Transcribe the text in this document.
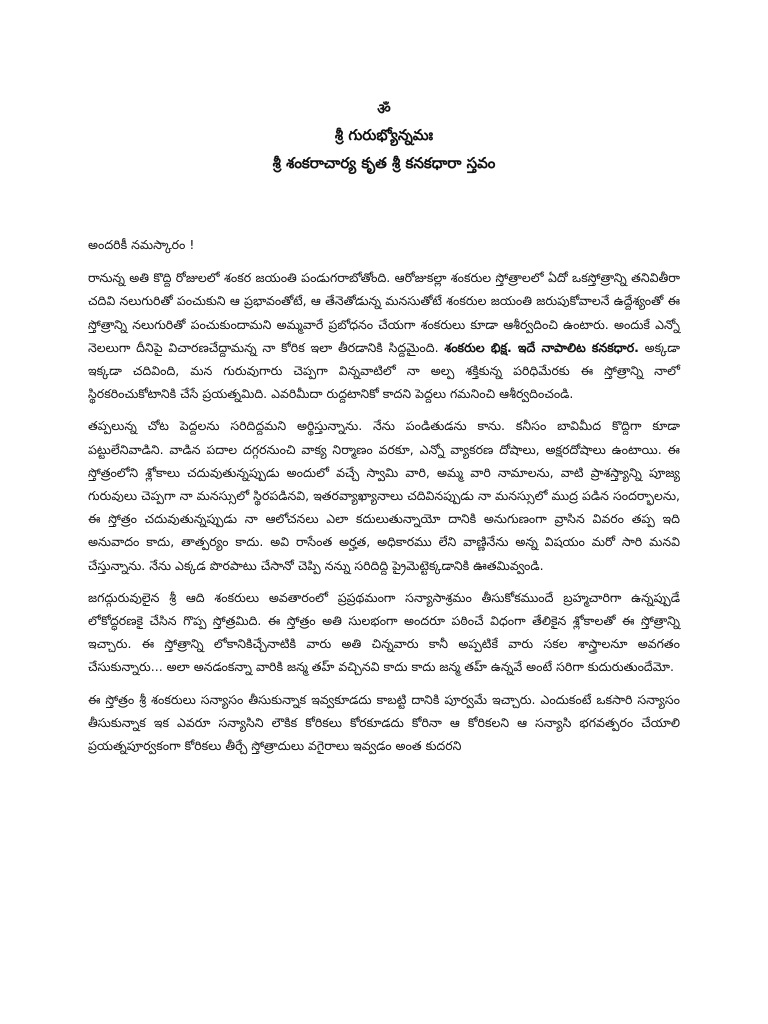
ॐ
శ్రీ గురుభ్యోన్నమః
శ్రీ శంకరాచార్య కృత శ్రీ కనకధారా స్తవం

అందరికీ నమస్కారం !

రానున్న అతి కొద్ది రోజులలో శంకర జయంతి పండుగరాబోతోంది. ఆరోజుకల్లా శంకరుల స్తోత్రాలలో ఏదో ఒకస్తోత్రాన్ని తనివితీరా చదివి నలుగురితో పంచుకుని ఆ ప్రభావంతోటే, ఆ తేనెతోడున్న మనసుతోటే శంకరుల జయంతి జరుపుకోవాలనే ఉద్దేశ్యంతో ఈ స్తోత్రాన్ని నలుగురితో పంచుకుందామని అమ్మవారే ప్రబోధనం చేయగా శంకరులు కూడా ఆశీర్వదించి ఉంటారు. అందుకే ఎన్నో నెలలుగా దీనిపై విచారణచేద్దామన్న నా కోరిక ఇలా తీరడానికి సిద్దమైంది. శంకరుల భిక్ష. ఇదే నాపాలిట కనకధార. అక్కడా ఇక్కడా చదివింది, మన గురువుగారు చెప్పగా విన్నవాటిలో నా అల్ప శక్తికున్న పరిధిమేరకు ఈ స్తోత్రాన్ని నాలో స్థిరకరించుకోటానికి చేసే ప్రయత్నమిది. ఎవరిమీదా రుద్దటానికో కాదని పెద్దలు గమనించి ఆశీర్వదించండి.

తప్పలున్న చోట పెద్దలను సరిదిద్దమని అర్థిస్తున్నాను. నేను పండితుడను కాను. కనీసం బావిమీద కొద్దిగా కూడా పట్టులేనివాడిని. వాడిన పదాల దగ్గరనుంచి వాక్య నిర్మాణం వరకూ, ఎన్నో వ్యాకరణ దోషాలు, అక్షరదోషాలు ఉంటాయి. ఈ స్తోత్రంలోని శ్లోకాలు చదువుతున్నప్పుడు అందులో వచ్చే స్వామి వారి, అమ్మ వారి నామాలను, వాటి ప్రాశస్త్యాన్ని పూజ్య గురువులు చెప్పగా నా మనస్సులో స్థిరపడినవి, ఇతరవ్యాఖ్యానాలు చదివినప్పుడు నా మనస్సులో ముద్ర పడిన సందర్భాలను, ఈ స్తోత్రం చదువుతున్నప్పుడు నా ఆలోచనలు ఎలా కదులుతున్నాయో దానికి అనుగుణంగా వ్రాసిన వివరం తప్ప ఇది అనువాదం కాదు, తాత్పర్యం కాదు. అవి రాసేంత అర్హత, అధికారము లేని వాణ్ణినేను అన్న విషయం మరో సారి మనవి చేస్తున్నాను. నేను ఎక్కడ పొరపాటు చేసానో చెప్పి నన్ను సరిదిద్ది ప్రైమెట్టెక్కడానికి ఊతమివ్వండి.

జగద్గురువులైన శ్రీ ఆది శంకరులు అవతారంలో ప్రప్రథమంగా సన్యాసాశ్రమం తీసుకోకముందే బ్రహ్మచారిగా ఉన్నప్పుడే లోకోద్ధరణకై చేసిన గొప్ప స్తోత్రమిది. ఈ స్తోత్రం అతి సులభంగా అందరూ పఠించే విధంగా తేలికైన శ్లోకాలతో ఈ స్తోత్రాన్ని ఇచ్చారు. ఈ స్తోత్రాన్ని లోకానికిచ్చేనాటికి వారు అతి చిన్నవారు కానీ అప్పటికే వారు సకల శాస్త్రాలనూ అవగతం చేసుకున్నారు... అలా అనడంకన్నా వారికి జన్మ తహ్ వచ్చినవి కాదు కాదు జన్మ తహ్ ఉన్నవే అంటే సరిగా కుదురుతుందేమో.

ఈ స్తోత్రం శ్రీ శంకరులు సన్యాసం తీసుకున్నాక ఇవ్వకూడదు కాబట్టి దానికి పూర్వమే ఇచ్చారు. ఎందుకంటే ఒకసారి సన్యాసం తీసుకున్నాక ఇక ఎవరూ సన్యాసిని లౌకిక కోరికలు కోరకూడదు కోరినా ఆ కోరికలని ఆ సన్యాసి భగవత్పరం చేయాలి ప్రయత్నపూర్వకంగా కోరికలు తీర్చే స్తోత్రాదులు వగైరాలు ఇవ్వడం అంత కుదరని
